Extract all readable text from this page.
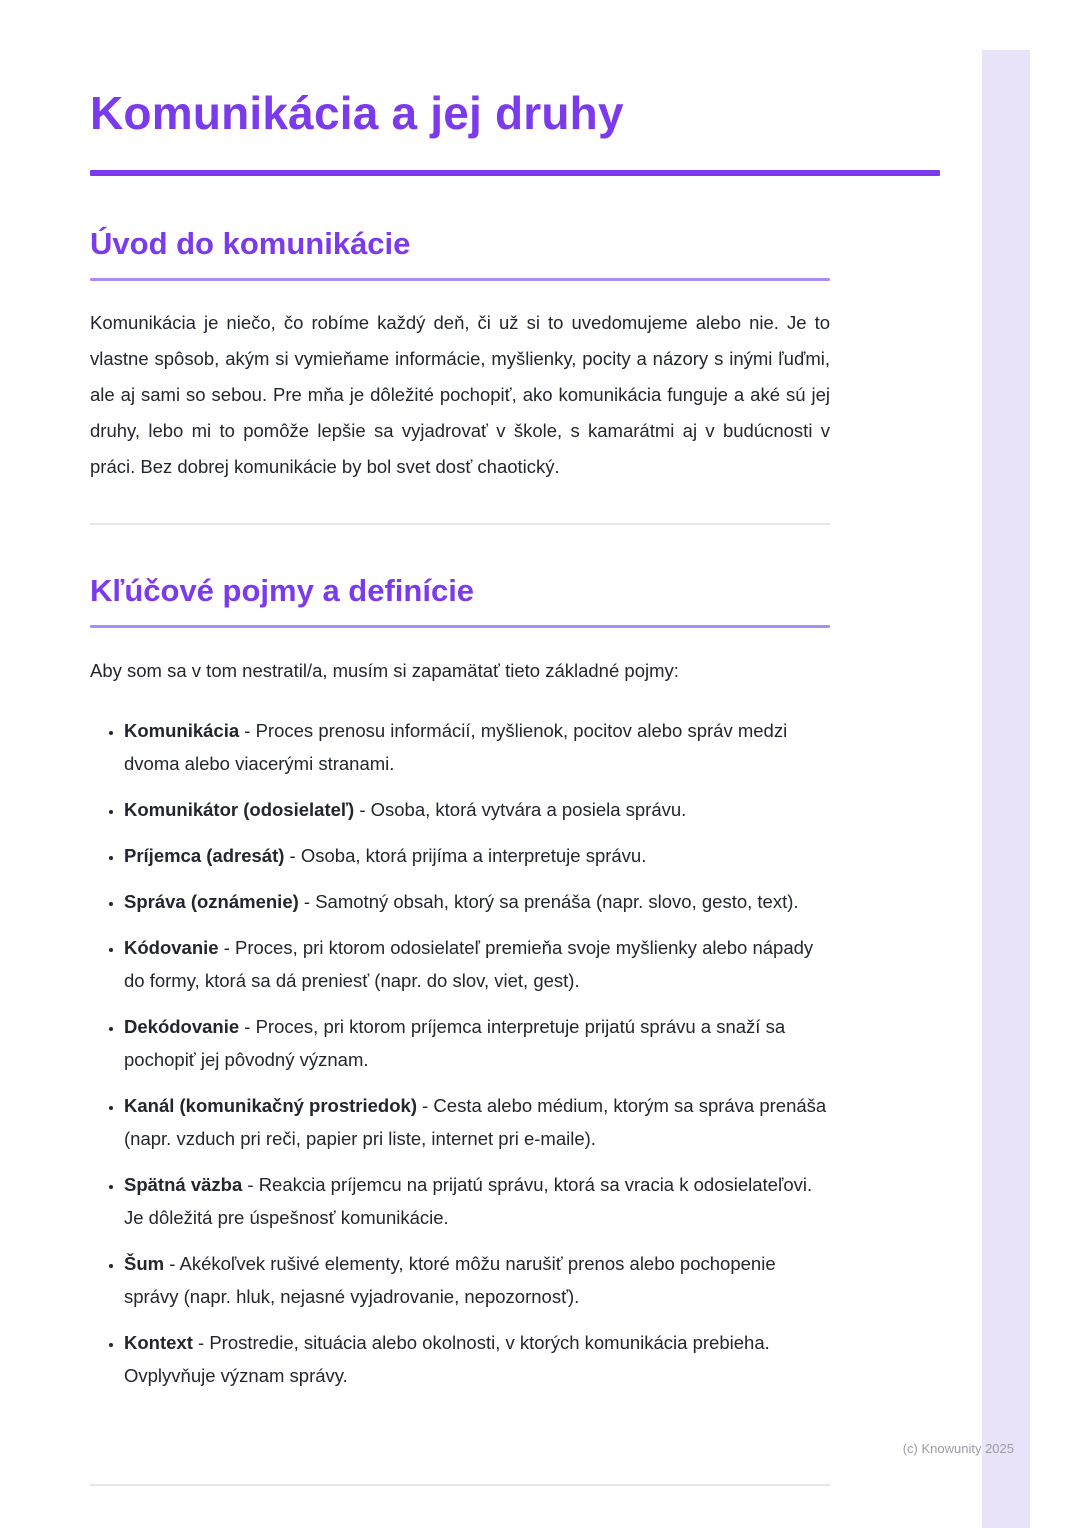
Komunikácia a jej druhy
Úvod do komunikácie

Komunikácia je niečo, čo robíme každý deň, či už si to uvedomujeme alebo nie. Je to vlastne spôsob, akým si vymieňame informácie, myšlienky, pocity a názory s inými ľuďmi, ale aj sami so sebou. Pre mňa je dôležité pochopiť, ako komunikácia funguje a aké sú jej druhy, lebo mi to pomôže lepšie sa vyjadrovať v škole, s kamarátmi aj v budúcnosti v práci. Bez dobrej komunikácie by bol svet dosť chaotický.

Kľúčové pojmy a definície

Aby som sa v tom nestratil/a, musím si zapamätať tieto základné pojmy:

• Komunikácia - Proces prenosu informácií, myšlienok, pocitov alebo správ medzi dvoma alebo viacerými stranami.
• Komunikátor (odosielateľ) - Osoba, ktorá vytvára a posiela správu.
• Príjemca (adresát) - Osoba, ktorá prijíma a interpretuje správu.
• Správa (oznámenie) - Samotný obsah, ktorý sa prenáša (napr. slovo, gesto, text).
• Kódovanie - Proces, pri ktorom odosielateľ premieňa svoje myšlienky alebo nápady do formy, ktorá sa dá preniesť (napr. do slov, viet, gest).
• Dekódovanie - Proces, pri ktorom príjemca interpretuje prijatú správu a snaží sa pochopiť jej pôvodný význam.
• Kanál (komunikačný prostriedok) - Cesta alebo médium, ktorým sa správa prenáša (napr. vzduch pri reči, papier pri liste, internet pri e-maile).
• Spätná väzba - Reakcia príjemcu na prijatú správu, ktorá sa vracia k odosielateľovi. Je dôležitá pre úspešnosť komunikácie.
• Šum - Akékoľvek rušivé elementy, ktoré môžu narušiť prenos alebo pochopenie správy (napr. hluk, nejasné vyjadrovanie, nepozornosť).
• Kontext - Prostredie, situácia alebo okolnosti, v ktorých komunikácia prebieha. Ovplyvňuje význam správy.
(c) Knowunity 2025
